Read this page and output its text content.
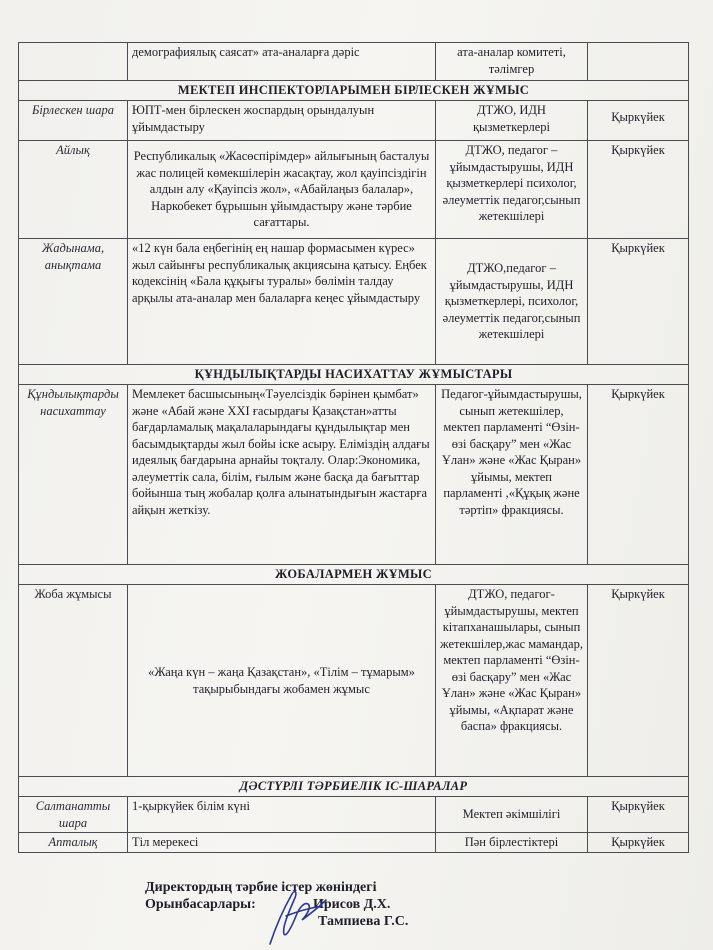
	демографиялық саясат» ата-аналарға дәріс	ата-аналар комитеті, тәлімгер	
МЕКТЕП ИНСПЕКТОРЛАРЫМЕН БІРЛЕСКЕН ЖҰМЫС			
Бірлескен шара	ЮПТ-мен бірлескен жоспардың орындалуын ұйымдастыру	ДТЖО, ИДН қызметкерлері	Қыркүйек
Айлық	Республикалық «Жасөспірімдер» айлығының басталуы жас полицей көмекшілерін жасақтау, жол қауіпсіздігін алдын алу «Қауіпсіз жол», «Абайлаңыз балалар», Наркобекет бұрышын ұйымдастыру және тәрбие сағаттары.	ДТЖО, педагог – ұйымдастырушы, ИДН қызметкерлері психолог, әлеуметтік педагог,сынып жетекшілері	Қыркүйек
Жадынама, анықтама	«12 күн бала еңбегінің ең нашар формасымен күрес» жыл сайынғы республикалық акциясына қатысу. Еңбек кодексінің «Бала құқығы туралы» бөлімін талдау арқылы ата-аналар мен балаларға кеңес ұйымдастыру	ДТЖО,педагог – ұйымдастырушы, ИДН қызметкерлері, психолог, әлеуметтік педагог,сынып жетекшілері	Қыркүйек
ҚҰНДЫЛЫҚТАРДЫ НАСИХАТТАУ ЖҰМЫСТАРЫ			
Құндылықтарды насихаттау	Мемлекет басшысының«Тәуелсіздік бәрінен қымбат» және «Абай және XXI ғасырдағы Қазақстан»атты бағдарламалық мақалаларындағы құндылықтар мен басымдықтарды жыл бойы іске асыру. Еліміздің алдағы идеялық бағдарына арнайы тоқталу. Олар:Экономика, әлеуметтік сала, білім, ғылым және басқа да бағыттар бойынша тың жобалар қолға алынатындығын жастарға айқын жеткізу.	Педагог-ұйымдастырушы, сынып жетекшілер, мектеп парламенті “Өзін-өзі басқару” мен «Жас Ұлан» және «Жас Қыран» ұйымы, мектеп парламенті ,«Құқық және тәртіп» фракциясы.	Қыркүйек
ЖОБАЛАРМЕН ЖҰМЫС			
Жоба жұмысы	«Жаңа күн – жаңа Қазақстан», «Тілім – тұмарым» тақырыбындағы жобамен жұмыс	ДТЖО, педагог-ұйымдастырушы, мектеп кітапханашылары, сынып жетекшілер,жас мамандар, мектеп парламенті “Өзін-өзі басқару” мен «Жас Ұлан» және «Жас Қыран» ұйымы, «Ақпарат және баспа» фракциясы.	Қыркүйек
ДӘСТҮРЛІ ТӘРБИЕЛІК ІС-ШАРАЛАР			
Салтанатты шара	1-қыркүйек білім күні	Мектеп әкімшілігі	Қыркүйек
Апталық	Тіл мерекесі	Пән бірлестіктері	Қыркүйек
Директордың тәрбие істер жөніндегі
Орынбасарлары:	Ирисов Д.Х.
Тампиева Г.С.
